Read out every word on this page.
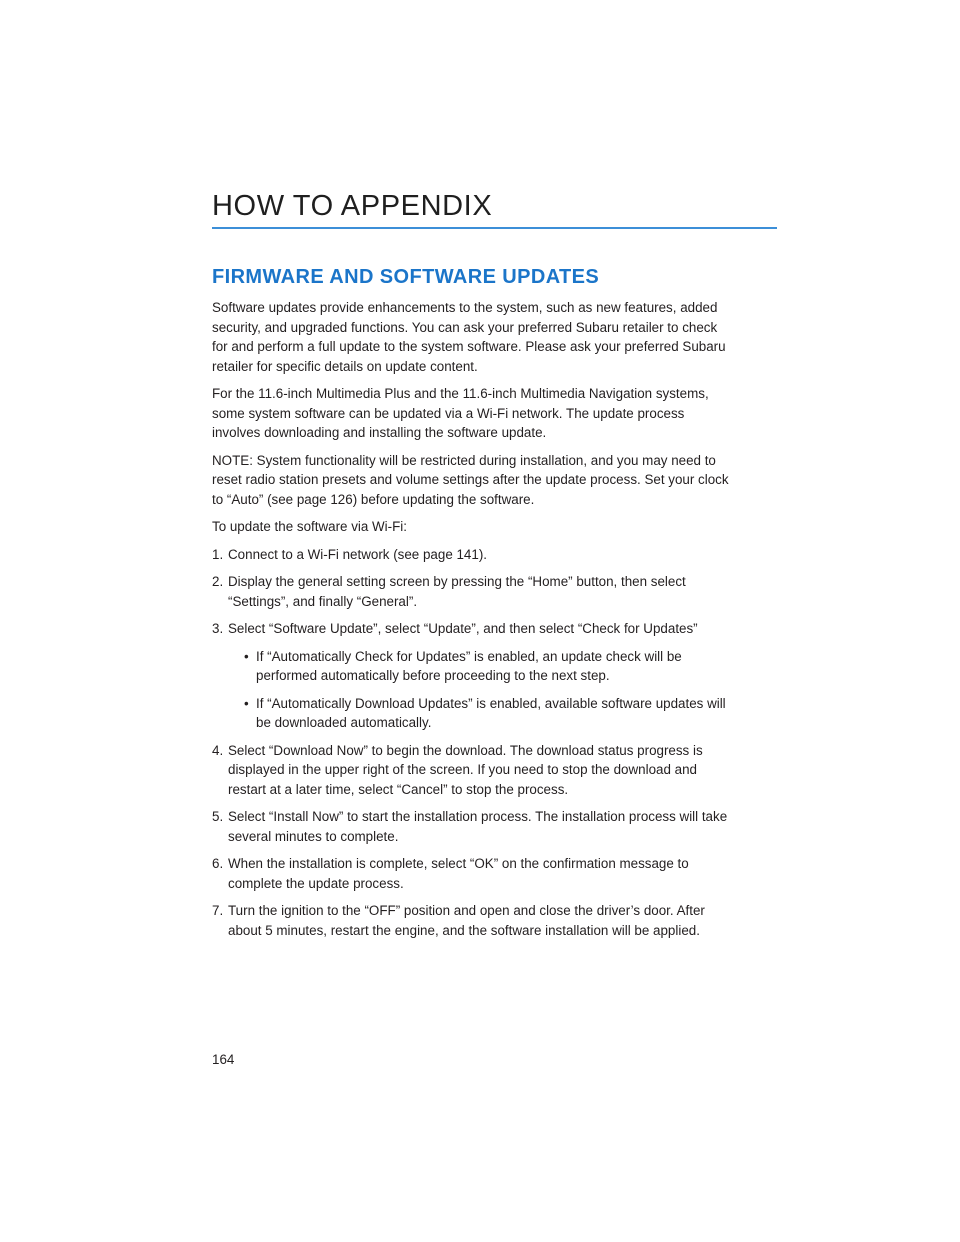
HOW TO APPENDIX
FIRMWARE AND SOFTWARE UPDATES

Software updates provide enhancements to the system, such as new features, added security, and upgraded functions. You can ask your preferred Subaru retailer to check for and perform a full update to the system software. Please ask your preferred Subaru retailer for specific details on update content.

For the 11.6-inch Multimedia Plus and the 11.6-inch Multimedia Navigation systems, some system software can be updated via a Wi-Fi network. The update process involves downloading and installing the software update.

NOTE: System functionality will be restricted during installation, and you may need to reset radio station presets and volume settings after the update process. Set your clock to “Auto” (see page 126) before updating the software.

To update the software via Wi-Fi:

1. Connect to a Wi-Fi network (see page 141).
2. Display the general setting screen by pressing the “Home” button, then select “Settings”, and finally “General”.
3. Select “Software Update”, select “Update”, and then select “Check for Updates”
• If “Automatically Check for Updates” is enabled, an update check will be performed automatically before proceeding to the next step.
• If “Automatically Download Updates” is enabled, available software updates will be downloaded automatically.
4. Select “Download Now” to begin the download. The download status progress is displayed in the upper right of the screen. If you need to stop the download and restart at a later time, select “Cancel” to stop the process.
5. Select “Install Now” to start the installation process. The installation process will take several minutes to complete.
6. When the installation is complete, select “OK” on the confirmation message to complete the update process.
7. Turn the ignition to the “OFF” position and open and close the driver’s door. After about 5 minutes, restart the engine, and the software installation will be applied.
164
